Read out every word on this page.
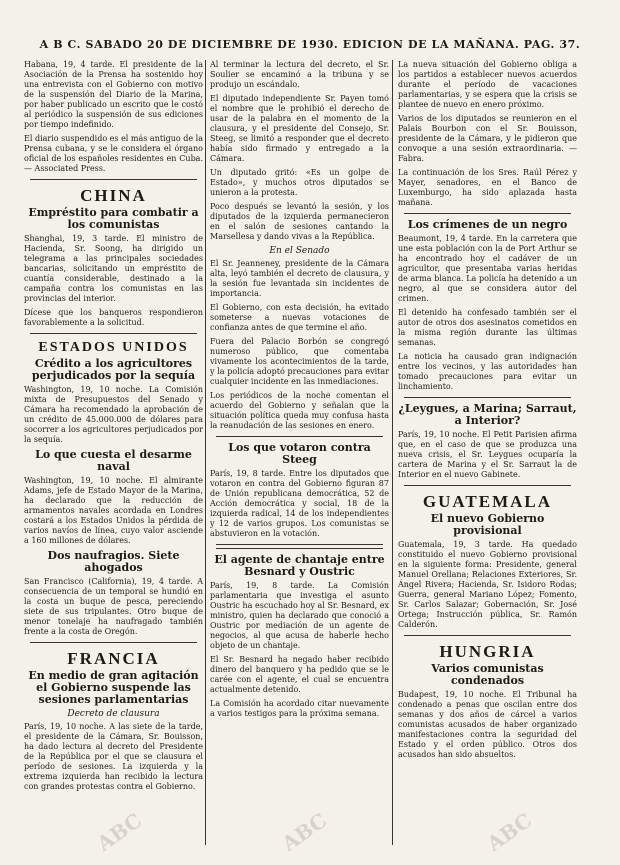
A B C. SABADO 20 DE DICIEMBRE DE 1930. EDICION DE LA MAÑANA. PAG. 37.

Habana, 19, 4 tarde. El presidente de la Asociación de la Prensa ha sostenido hoy una entrevista con el Gobierno con motivo de la suspensión del Diario de la Marina, por haber publicado un escrito que le costó al periódico la suspensión de sus ediciones por tiempo indefinido.

El diario suspendido es el más antiguo de la Prensa cubana, y se le considera el órgano oficial de los españoles residentes en Cuba. — Associated Press.

CHINA
Empréstito para combatir a los comunistas

Shanghai, 19, 3 tarde. El ministro de Hacienda, Sr. Soong, ha dirigido un telegrama a las principales sociedades bancarias, solicitando un empréstito de cuantía considerable, destinado a la campaña contra los comunistas en las provincias del interior.

Dícese que los banqueros respondieron favorablemente a la solicitud.

ESTADOS UNIDOS
Crédito a los agricultores perjudicados por la sequía

Washington, 19, 10 noche. La Comisión mixta de Presupuestos del Senado y Cámara ha recomendado la aprobación de un crédito de 45.000.000 de dólares para socorrer a los agricultores perjudicados por la sequía.

Lo que cuesta el desarme naval

Washington, 19, 10 noche. El almirante Adams, jefe de Estado Mayor de la Marina, ha declarado que la reducción de armamentos navales acordada en Londres costará a los Estados Unidos la pérdida de varios navíos de línea, cuyo valor asciende a 160 millones de dólares.

Dos naufragios. Siete ahogados

San Francisco (California), 19, 4 tarde. A consecuencia de un temporal se hundió en la costa un buque de pesca, pereciendo siete de sus tripulantes. Otro buque de menor tonelaje ha naufragado también frente a la costa de Oregón.

FRANCIA
En medio de gran agitación el Gobierno suspende las sesiones parlamentarias
Decreto de clausura

París, 19, 10 noche. A las siete de la tarde, el presidente de la Cámara, Sr. Bouisson, ha dado lectura al decreto del Presidente de la República por el que se clausura el período de sesiones. La izquierda y la extrema izquierda han recibido la lectura con grandes protestas contra el Gobierno.

Al terminar la lectura del decreto, el Sr. Soulier se encaminó a la tribuna y se produjo un escándalo.

El diputado independiente Sr. Payen tomó el nombre que le prohibió el derecho de usar de la palabra en el momento de la clausura, y el presidente del Consejo, Sr. Steeg, se limitó a responder que el decreto había sido firmado y entregado a la Cámara.

Un diputado gritó: «Es un golpe de Estado», y muchos otros diputados se unieron a la protesta.

Poco después se levantó la sesión, y los diputados de la izquierda permanecieron en el salón de sesiones cantando la Marsellesa y dando vivas a la República.

En el Senado

El Sr. Jeanneney, presidente de la Cámara alta, leyó también el decreto de clausura, y la sesión fue levantada sin incidentes de importancia.

El Gobierno, con esta decisión, ha evitado someterse a nuevas votaciones de confianza antes de que termine el año.

Fuera del Palacio Borbón se congregó numeroso público, que comentaba vivamente los acontecimientos de la tarde, y la policía adoptó precauciones para evitar cualquier incidente en las inmediaciones.

Los periódicos de la noche comentan el acuerdo del Gobierno y señalan que la situación política queda muy confusa hasta la reanudación de las sesiones en enero.

Los que votaron contra Steeg

París, 19, 8 tarde. Entre los diputados que votaron en contra del Gobierno figuran 87 de Unión republicana democrática, 52 de Acción democrática y social, 18 de la izquierda radical, 14 de los independientes y 12 de varios grupos. Los comunistas se abstuvieron en la votación.

El agente de chantaje entre Besnard y Oustric

París, 19, 8 tarde. La Comisión parlamentaria que investiga el asunto Oustric ha escuchado hoy al Sr. Besnard, ex ministro, quien ha declarado que conoció a Oustric por mediación de un agente de negocios, al que acusa de haberle hecho objeto de un chantaje.

El Sr. Besnard ha negado haber recibido dinero del banquero y ha pedido que se le carée con el agente, el cual se encuentra actualmente detenido.

La Comisión ha acordado citar nuevamente a varios testigos para la próxima semana.

La nueva situación del Gobierno obliga a los partidos a establecer nuevos acuerdos durante el período de vacaciones parlamentarias, y se espera que la crisis se plantee de nuevo en enero próximo.

Varios de los diputados se reunieron en el Palais Bourbon con el Sr. Bouisson, presidente de la Cámara, y le pidieron que convoque a una sesión extraordinaria. — Fabra.

La continuación de los Sres. Raúl Pérez y Mayer, senadores, en el Banco de Luxemburgo, ha sido aplazada hasta mañana.

Los crímenes de un negro

Beaumont, 19, 4 tarde. En la carretera que une esta población con la de Port Arthur se ha encontrado hoy el cadáver de un agricultor, que presentaba varias heridas de arma blanca. La policía ha detenido a un negro, al que se considera autor del crimen.

El detenido ha confesado también ser el autor de otros dos asesinatos cometidos en la misma región durante las últimas semanas.

La noticia ha causado gran indignación entre los vecinos, y las autoridades han tomado precauciones para evitar un linchamiento.

¿Leygues, a Marina; Sarraut, a Interior?

París, 19, 10 noche. El Petit Parisien afirma que, en el caso de que se produzca una nueva crisis, el Sr. Leygues ocuparía la cartera de Marina y el Sr. Sarraut la de Interior en el nuevo Gabinete.

GUATEMALA
El nuevo Gobierno provisional

Guatemala, 19, 3 tarde. Ha quedado constituido el nuevo Gobierno provisional en la siguiente forma: Presidente, general Manuel Orellana; Relaciones Exteriores, Sr. Ángel Rivera; Hacienda, Sr. Isidoro Rodas; Guerra, general Mariano López; Fomento, Sr. Carlos Salazar; Gobernación, Sr. José Ortega; Instrucción pública, Sr. Ramón Calderón.

HUNGRIA
Varios comunistas condenados

Budapest, 19, 10 noche. El Tribunal ha condenado a penas que oscilan entre dos semanas y dos años de cárcel a varios comunistas acusados de haber organizado manifestaciones contra la seguridad del Estado y el orden público. Otros dos acusados han sido absueltos.

ABC	ABC	ABC
